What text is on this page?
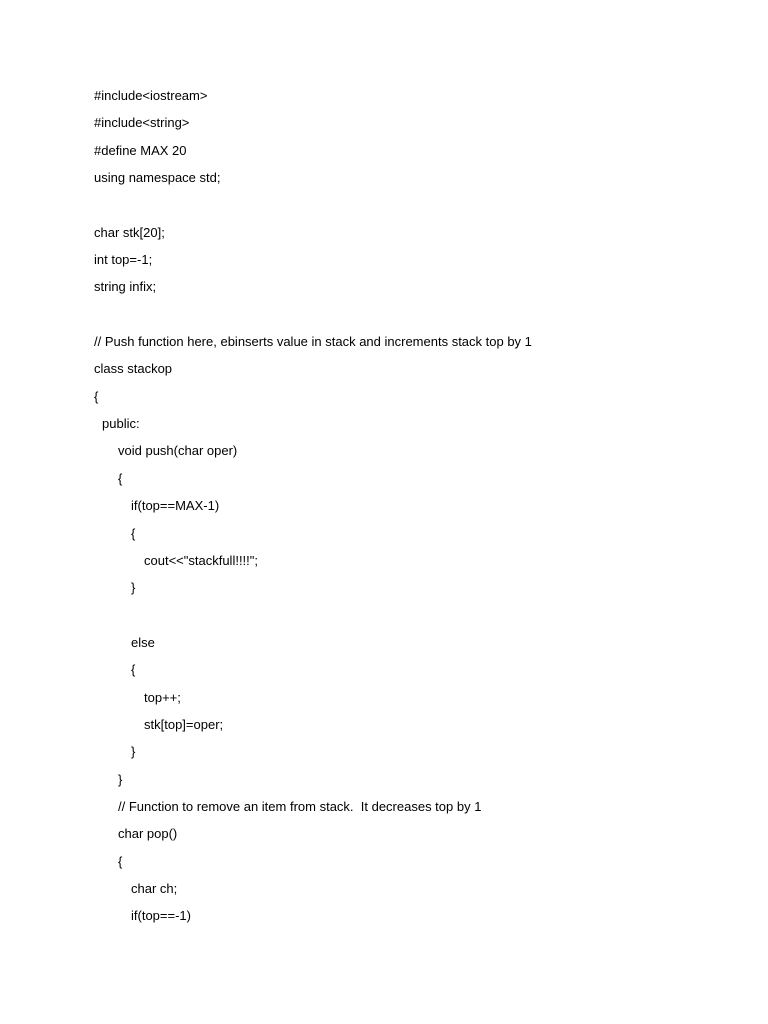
#include<iostream>
#include<string>
#define MAX 20
using namespace std;
char stk[20];
int top=-1;
string infix;
// Push function here, ebinserts value in stack and increments stack top by 1
class stackop
{
public:
void push(char oper)
{
if(top==MAX-1)
{
cout<<"stackfull!!!!";
}
else
{
top++;
stk[top]=oper;
}
}
// Function to remove an item from stack.  It decreases top by 1
char pop()
{
char ch;
if(top==-1)
